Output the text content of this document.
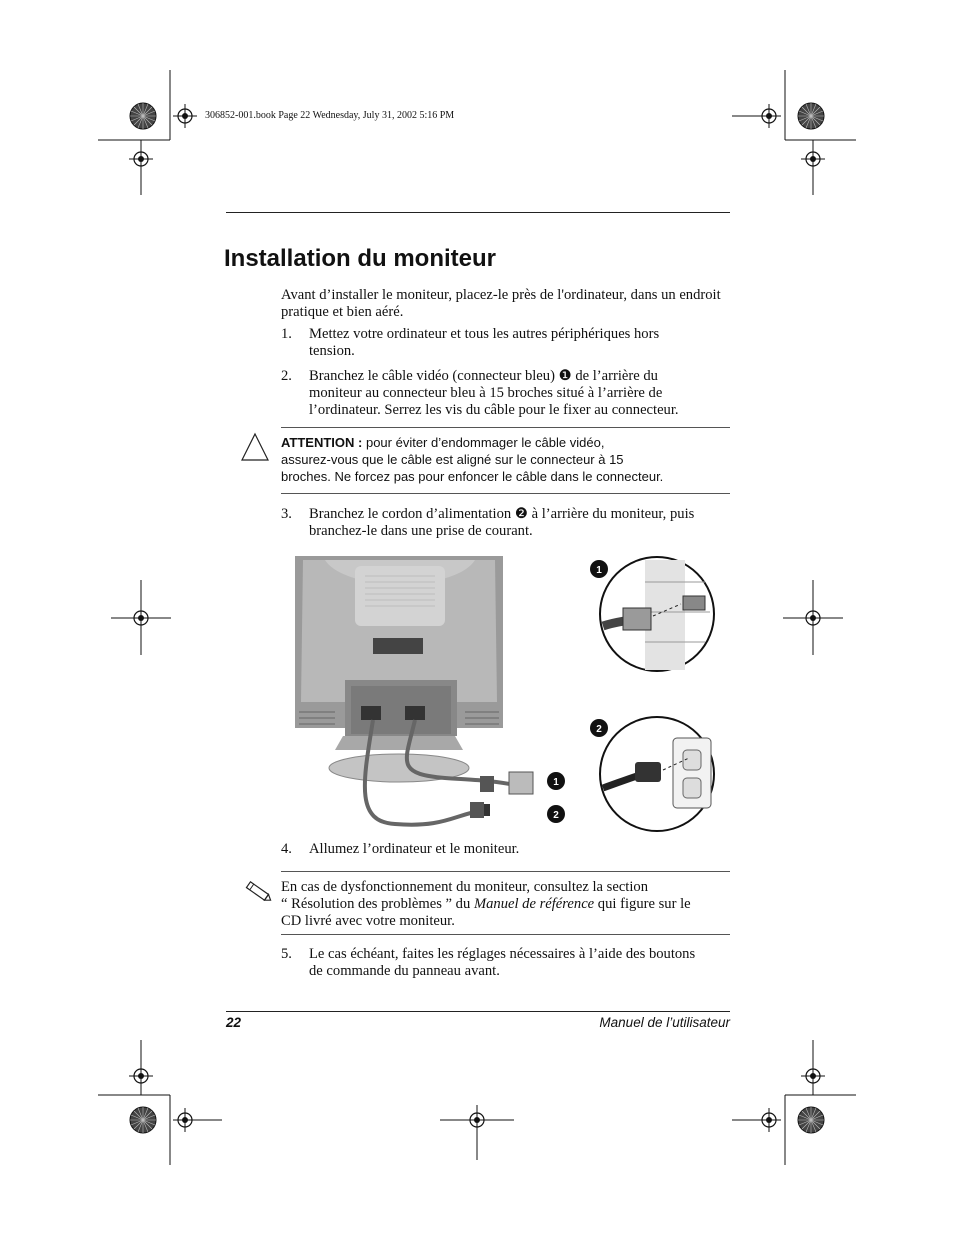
306852-001.book Page 22 Wednesday, July 31, 2002 5:16 PM
Installation du moniteur
Avant d’installer le moniteur, placez-le près de l'ordinateur, dans un endroit pratique et bien aéré.
1.	Mettez votre ordinateur et tous les autres périphériques hors
tension.
2.	Branchez le câble vidéo (connecteur bleu) ❶ de l’arrière du
moniteur au connecteur bleu à 15 broches situé à l’arrière de
l’ordinateur. Serrez les vis du câble pour le fixer au connecteur.
ATTENTION : pour éviter d’endommager le câble vidéo,
assurez-vous que le câble est aligné sur le connecteur à 15
broches. Ne forcez pas pour enfoncer le câble dans le connecteur.
3.	Branchez le cordon d’alimentation ❷ à l’arrière du moniteur, puis
branchez-le dans une prise de courant.
1
2
1
2
4.	Allumez l’ordinateur et le moniteur.
En cas de dysfonctionnement du moniteur, consultez la section
“ Résolution des problèmes ” du Manuel de référence qui figure sur le
CD livré avec votre moniteur.
5.	Le cas échéant, faites les réglages nécessaires à l’aide des boutons
de commande du panneau avant.
22	Manuel de l’utilisateur
